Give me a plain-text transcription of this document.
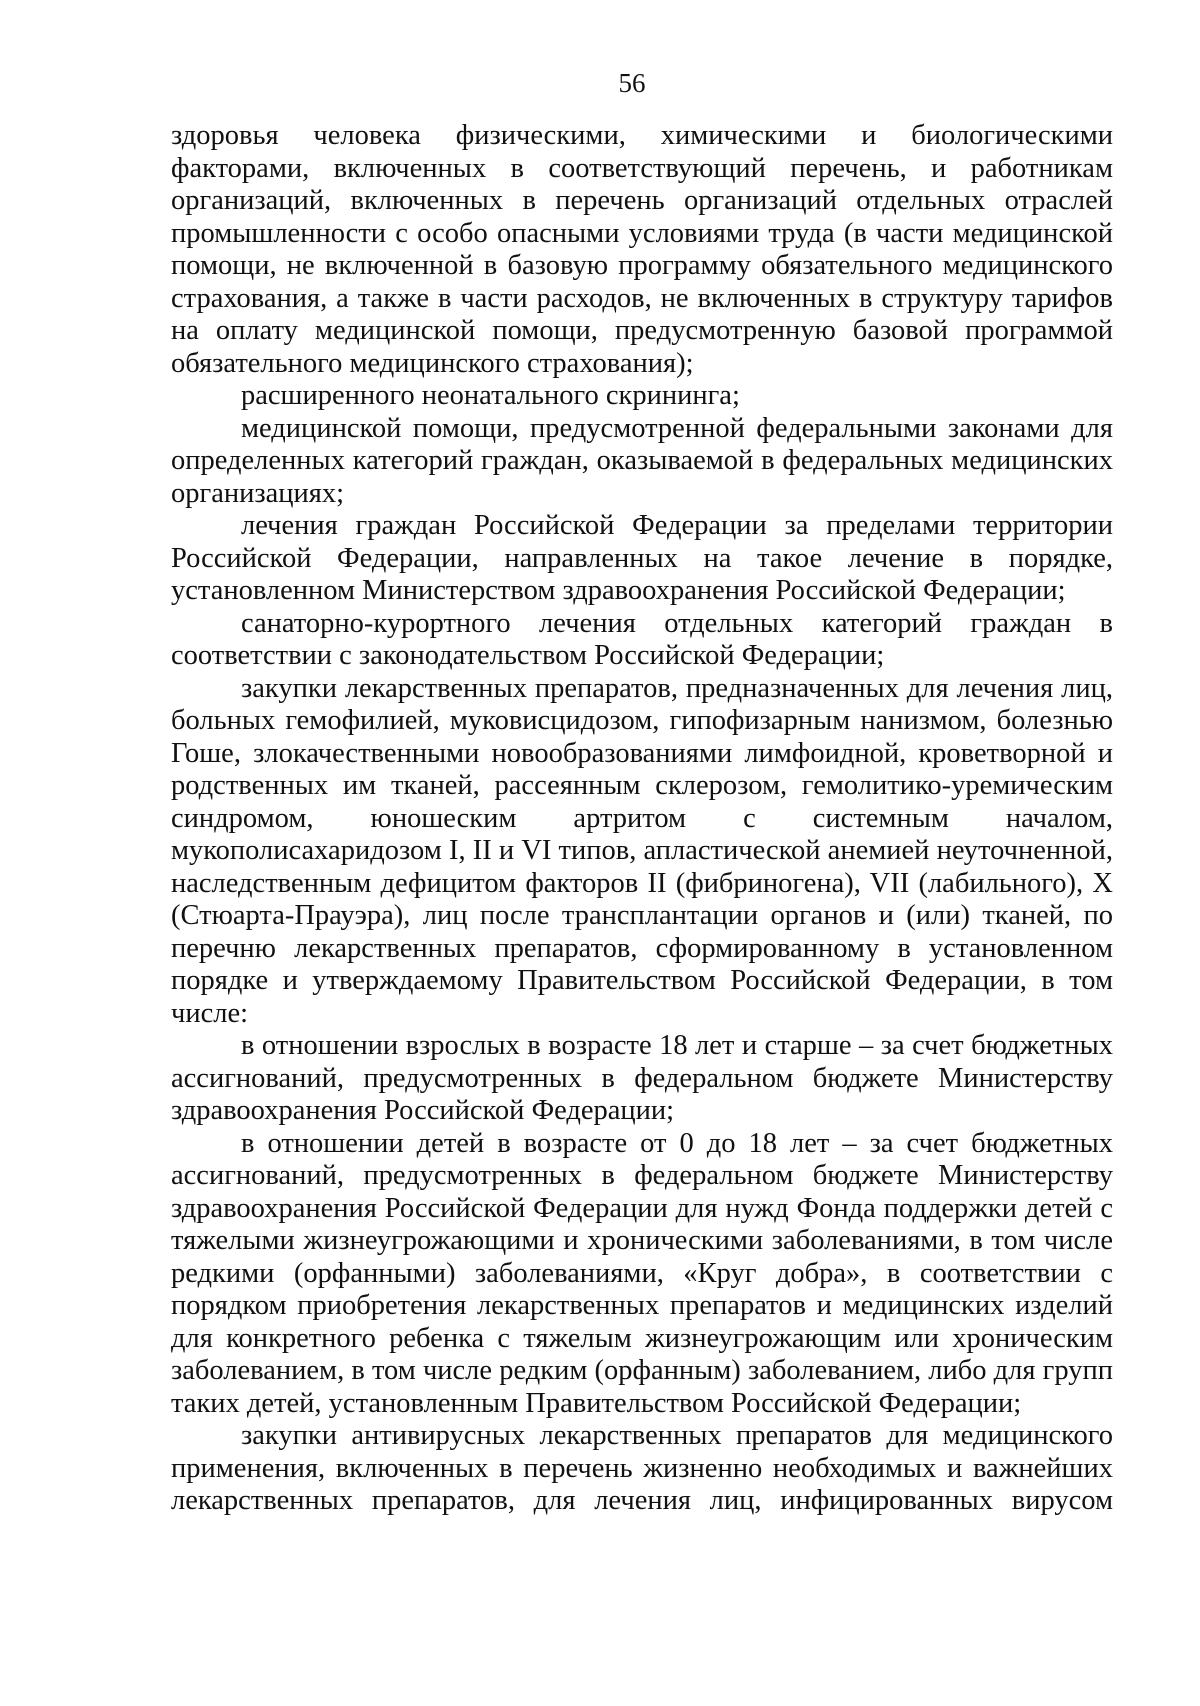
56

здоровья человека физическими, химическими и биологическими факторами, включенных в соответствующий перечень, и работникам организаций, включенных в перечень организаций отдельных отраслей промышленности с особо опасными условиями труда (в части медицинской помощи, не включенной в базовую программу обязательного медицинского страхования, а также в части расходов, не включенных в структуру тарифов на оплату медицинской помощи, предусмотренную базовой программой обязательного медицинского страхования);

расширенного неонатального скрининга;

медицинской помощи, предусмотренной федеральными законами для определенных категорий граждан, оказываемой в федеральных медицинских организациях;

лечения граждан Российской Федерации за пределами территории Российской Федерации, направленных на такое лечение в порядке, установленном Министерством здравоохранения Российской Федерации;

санаторно-курортного лечения отдельных категорий граждан в соответствии с законодательством Российской Федерации;

закупки лекарственных препаратов, предназначенных для лечения лиц, больных гемофилией, муковисцидозом, гипофизарным нанизмом, болезнью Гоше, злокачественными новообразованиями лимфоидной, кроветворной и родственных им тканей, рассеянным склерозом, гемолитико-уремическим синдромом, юношеским артритом с системным началом, мукополисахаридозом I, II и VI типов, апластической анемией неуточненной, наследственным дефицитом факторов II (фибриногена), VII (лабильного), X (Стюарта-Прауэра), лиц после трансплантации органов и (или) тканей, по перечню лекарственных препаратов, сформированному в установленном порядке и утверждаемому Правительством Российской Федерации, в том числе:

в отношении взрослых в возрасте 18 лет и старше – за счет бюджетных ассигнований, предусмотренных в федеральном бюджете Министерству здравоохранения Российской Федерации;

в отношении детей в возрасте от 0 до 18 лет – за счет бюджетных ассигнований, предусмотренных в федеральном бюджете Министерству здравоохранения Российской Федерации для нужд Фонда поддержки детей с тяжелыми жизнеугрожающими и хроническими заболеваниями, в том числе редкими (орфанными) заболеваниями, «Круг добра», в соответствии с порядком приобретения лекарственных препаратов и медицинских изделий для конкретного ребенка с тяжелым жизнеугрожающим или хроническим заболеванием, в том числе редким (орфанным) заболеванием, либо для групп таких детей, установленным Правительством Российской Федерации;

закупки антивирусных лекарственных препаратов для медицинского применения, включенных в перечень жизненно необходимых и важнейших лекарственных препаратов, для лечения лиц, инфицированных вирусом
